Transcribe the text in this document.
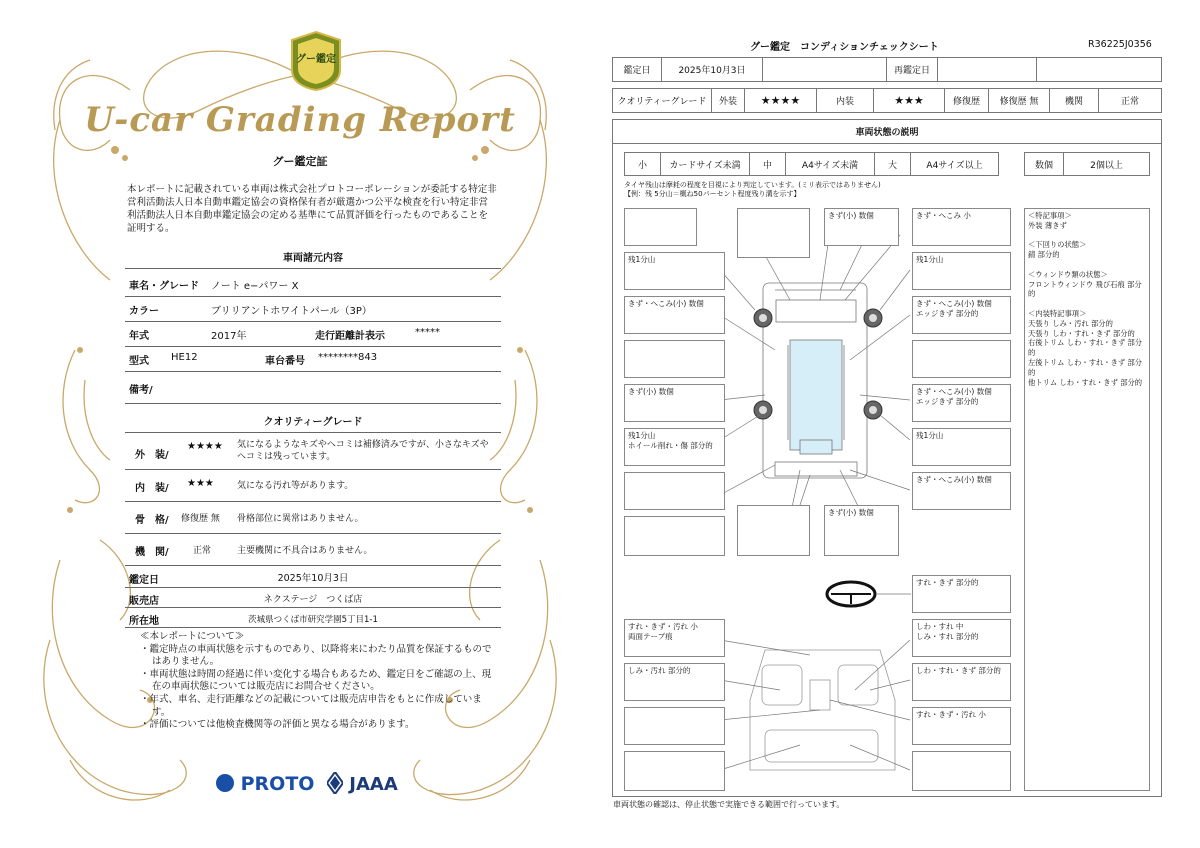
グー鑑定
U-car Grading Report
グー鑑定証
本レポートに記載されている車両は株式会社プロトコーポレーションが委託する特定非営利活動法人日本自動車鑑定協会の資格保有者が厳選かつ公平な検査を行い特定非営利活動法人日本自動車鑑定協会の定める基準にて品質評価を行ったものであることを証明する。
車両諸元内容
車名・グレード ノート e−パワー X
カラー	ブリリアントホワイトパール（3P）
年式	2017年	走行距離計表示	*****
型式 HE12	車台番号 ********843
備考/
クオリティーグレード
外　装/
★★★★ 気になるようなキズやヘコミは補修済みですが、小さなキズやヘコミは残っています。
内　装/ ★★★	気になる汚れ等があります。
骨　格/ 修復歴 無 骨格部位に異常はありません。
機　関/	正常	主要機関に不具合はありません。
鑑定日	2025年10月3日
販売店	ネクステージ　つくば店
所在地	茨城県つくば市研究学園5丁目1-1
≪本レポートについて≫
・鑑定時点の車両状態を示すものであり、以降将来にわたり品質を保証するものではありません。
・車両状態は時間の経過に伴い変化する場合もあるため、鑑定日をご確認の上、現在の車両状態については販売店にお問合せください。
・年式、車名、走行距離などの記載については販売店申告をもとに作成しています。
・評価については他検査機関等の評価と異なる場合があります。
PROTO	JAAA
グー鑑定　コンディションチェックシート	R36225J0356
鑑定日	2025年10月3日	再鑑定日
クオリティーグレード	外装	★★★★	内装	★★★	修復歴	修復歴 無	機関	正常
車両状態の説明
小	カードサイズ未満	中	A4サイズ未満	大	A4サイズ以上	数個	2個以上
タイヤ残山は摩耗の程度を目視により判定しています。(ミリ表示ではありません)
【例：残 5分山＝概ね50パーセント程度残り溝を示す】
きず(小) 数個	きず・へこみ 小
残1分山	残1分山
きず・へこみ(小) 数個	きず・へこみ(小) 数個
エッジきず 部分的
きず(小) 数個	きず・へこみ(小) 数個
エッジきず 部分的
残1分山
ホイール削れ・傷 部分的
残1分山
きず・へこみ(小) 数個
きず(小) 数個
すれ・きず 部分的
すれ・きず・汚れ 小
両面テープ痕
しわ・すれ 中
しみ・すれ 部分的
しみ・汚れ 部分的	しわ・すれ・きず 部分的
すれ・きず・汚れ 小
＜特記事項＞
外装 薄きず
＜下回りの状態＞
錆 部分的
＜ウィンドウ類の状態＞
フロントウィンドウ 飛び石痕 部分的
＜内装特記事項＞
天張り しみ・汚れ 部分的
天張り しわ・すれ・きず 部分的
右後トリム しわ・すれ・きず 部分的
左後トリム しわ・すれ・きず 部分的
他トリム しわ・すれ・きず 部分的
車両状態の確認は、停止状態で実施できる範囲で行っています。
